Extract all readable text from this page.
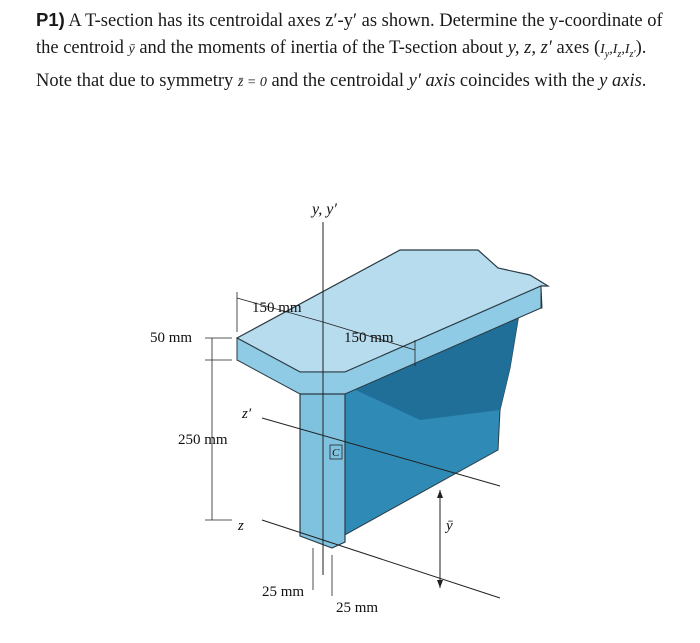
P1) A T-section has its centroidal axes z′-y′ as shown. Determine the y-coordinate of the centroid ȳ and the moments of inertia of the T-section about y, z, z′ axes $(I_y,I_z,I_{z'})$. Note that due to symmetry z̄ = 0 and the centroidal y′ axis coincides with the y axis.
y, y′
150 mm
150 mm
50 mm
250 mm
z′
z
C
ȳ
25 mm
25 mm
